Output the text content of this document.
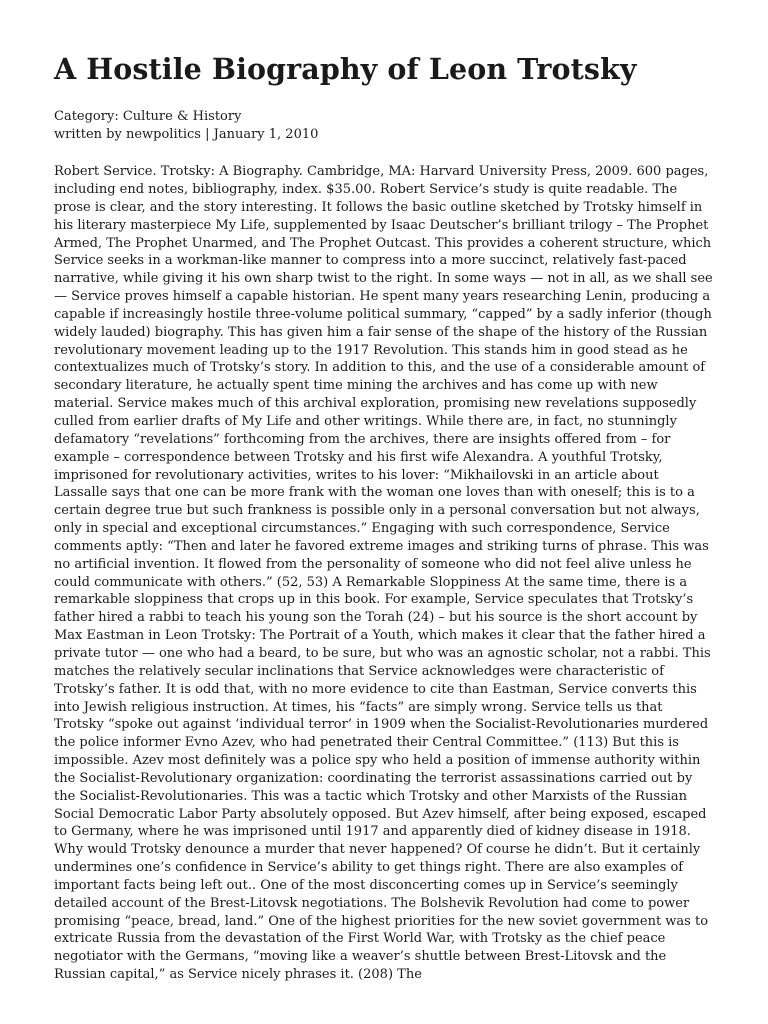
A Hostile Biography of Leon Trotsky
Category: Culture & History
written by newpolitics | January 1, 2010

Robert Service. Trotsky: A Biography. Cambridge, MA: Harvard University Press, 2009. 600 pages, including end notes, bibliography, index. $35.00. Robert Service’s study is quite readable. The prose is clear, and the story interesting. It follows the basic outline sketched by Trotsky himself in his literary masterpiece My Life, supplemented by Isaac Deutscher’s brilliant trilogy – The Prophet Armed, The Prophet Unarmed, and The Prophet Outcast. This provides a coherent structure, which Service seeks in a workman-like manner to compress into a more succinct, relatively fast-paced narrative, while giving it his own sharp twist to the right. In some ways — not in all, as we shall see — Service proves himself a capable historian. He spent many years researching Lenin, producing a capable if increasingly hostile three-volume political summary, “capped” by a sadly inferior (though widely lauded) biography. This has given him a fair sense of the shape of the history of the Russian revolutionary movement leading up to the 1917 Revolution. This stands him in good stead as he contextualizes much of Trotsky’s story. In addition to this, and the use of a considerable amount of secondary literature, he actually spent time mining the archives and has come up with new material. Service makes much of this archival exploration, promising new revelations supposedly culled from earlier drafts of My Life and other writings. While there are, in fact, no stunningly defamatory “revelations” forthcoming from the archives, there are insights offered from – for example – correspondence between Trotsky and his first wife Alexandra. A youthful Trotsky, imprisoned for revolutionary activities, writes to his lover: “Mikhailovski in an article about Lassalle says that one can be more frank with the woman one loves than with oneself; this is to a certain degree true but such frankness is possible only in a personal conversation but not always, only in special and exceptional circumstances.” Engaging with such correspondence, Service comments aptly: “Then and later he favored extreme images and striking turns of phrase. This was no artificial invention. It flowed from the personality of someone who did not feel alive unless he could communicate with others.” (52, 53) A Remarkable Sloppiness At the same time, there is a remarkable sloppiness that crops up in this book. For example, Service speculates that Trotsky’s father hired a rabbi to teach his young son the Torah (24) – but his source is the short account by Max Eastman in Leon Trotsky: The Portrait of a Youth, which makes it clear that the father hired a private tutor — one who had a beard, to be sure, but who was an agnostic scholar, not a rabbi. This matches the relatively secular inclinations that Service acknowledges were characteristic of Trotsky’s father. It is odd that, with no more evidence to cite than Eastman, Service converts this into Jewish religious instruction. At times, his “facts” are simply wrong. Service tells us that Trotsky “spoke out against ‘individual terror’ in 1909 when the Socialist-Revolutionaries murdered the police informer Evno Azev, who had penetrated their Central Committee.” (113) But this is impossible. Azev most definitely was a police spy who held a position of immense authority within the Socialist-Revolutionary organization: coordinating the terrorist assassinations carried out by the Socialist-Revolutionaries. This was a tactic which Trotsky and other Marxists of the Russian Social Democratic Labor Party absolutely opposed. But Azev himself, after being exposed, escaped to Germany, where he was imprisoned until 1917 and apparently died of kidney disease in 1918. Why would Trotsky denounce a murder that never happened? Of course he didn’t. But it certainly undermines one’s confidence in Service’s ability to get things right. There are also examples of important facts being left out.. One of the most disconcerting comes up in Service’s seemingly detailed account of the Brest-Litovsk negotiations. The Bolshevik Revolution had come to power promising “peace, bread, land.” One of the highest priorities for the new soviet government was to extricate Russia from the devastation of the First World War, with Trotsky as the chief peace negotiator with the Germans, “moving like a weaver’s shuttle between Brest-Litovsk and the Russian capital,” as Service nicely phrases it. (208) The
